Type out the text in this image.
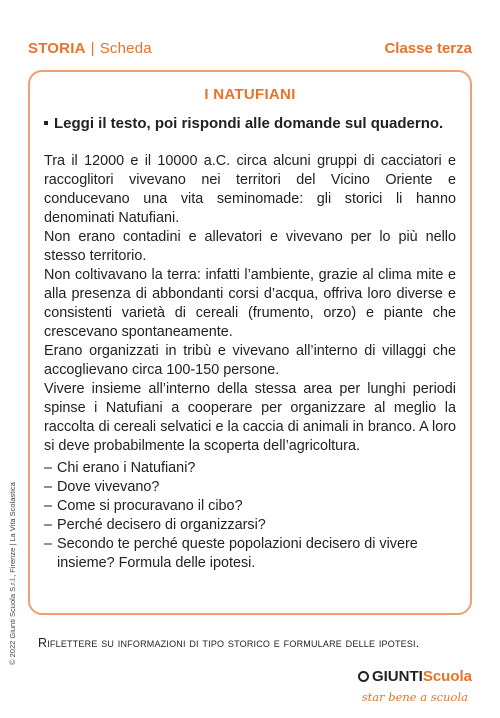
STORIA | Scheda	Classe terza
I NATUFIANI
Leggi il testo, poi rispondi alle domande sul quaderno.

Tra il 12000 e il 10000 a.C. circa alcuni gruppi di cacciatori e raccoglitori vivevano nei territori del Vicino Oriente e conducevano una vita seminomade: gli storici li hanno denominati Natufiani.

Non erano contadini e allevatori e vivevano per lo più nello stesso territorio.

Non coltivavano la terra: infatti l’ambiente, grazie al clima mite e alla presenza di abbondanti corsi d’acqua, offriva loro diverse e consistenti varietà di cereali (frumento, orzo) e piante che crescevano spontaneamente.

Erano organizzati in tribù e vivevano all’interno di villaggi che accoglievano circa 100-150 persone.

Vivere insieme all’interno della stessa area per lunghi periodi spinse i Natufiani a cooperare per organizzare al meglio la raccolta di cereali selvatici e la caccia di animali in branco. A loro si deve probabilmente la scoperta dell’agricoltura.

– Chi erano i Natufiani?
– Dove vivevano?
– Come si procuravano il cibo?
– Perché decisero di organizzarsi?
– Secondo te perché queste popolazioni decisero di vivere insieme? Formula delle ipotesi.
Riflettere su informazioni di tipo storico e formulare delle ipotesi.
© 2022 Giunti Scuola S.r.l., Firenze | La Vita Scolastica
GIUNTIScuola
star bene a scuola
